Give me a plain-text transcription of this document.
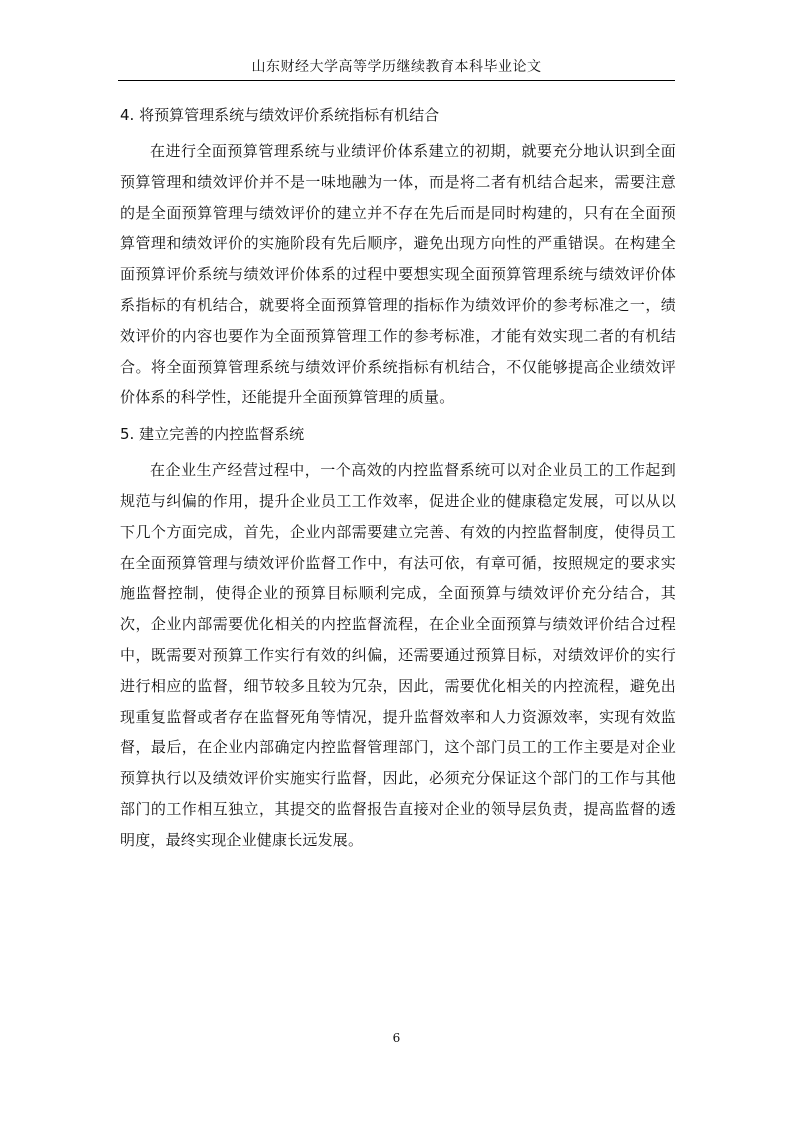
山东财经大学高等学历继续教育本科毕业论文
4. 将预算管理系统与绩效评价系统指标有机结合

在进行全面预算管理系统与业绩评价体系建立的初期，就要充分地认识到全面预算管理和绩效评价并不是一味地融为一体，而是将二者有机结合起来，需要注意的是全面预算管理与绩效评价的建立并不存在先后而是同时构建的，只有在全面预算管理和绩效评价的实施阶段有先后顺序，避免出现方向性的严重错误。在构建全面预算评价系统与绩效评价体系的过程中要想实现全面预算管理系统与绩效评价体系指标的有机结合，就要将全面预算管理的指标作为绩效评价的参考标准之一，绩效评价的内容也要作为全面预算管理工作的参考标准，才能有效实现二者的有机结合。将全面预算管理系统与绩效评价系统指标有机结合，不仅能够提高企业绩效评价体系的科学性，还能提升全面预算管理的质量。

5. 建立完善的内控监督系统

在企业生产经营过程中，一个高效的内控监督系统可以对企业员工的工作起到规范与纠偏的作用，提升企业员工工作效率，促进企业的健康稳定发展，可以从以下几个方面完成，首先，企业内部需要建立完善、有效的内控监督制度，使得员工在全面预算管理与绩效评价监督工作中，有法可依，有章可循，按照规定的要求实施监督控制，使得企业的预算目标顺利完成，全面预算与绩效评价充分结合，其次，企业内部需要优化相关的内控监督流程，在企业全面预算与绩效评价结合过程中，既需要对预算工作实行有效的纠偏，还需要通过预算目标，对绩效评价的实行进行相应的监督，细节较多且较为冗杂，因此，需要优化相关的内控流程，避免出现重复监督或者存在监督死角等情况，提升监督效率和人力资源效率，实现有效监督，最后，在企业内部确定内控监督管理部门，这个部门员工的工作主要是对企业预算执行以及绩效评价实施实行监督，因此，必须充分保证这个部门的工作与其他部门的工作相互独立，其提交的监督报告直接对企业的领导层负责，提高监督的透明度，最终实现企业健康长远发展。

6
